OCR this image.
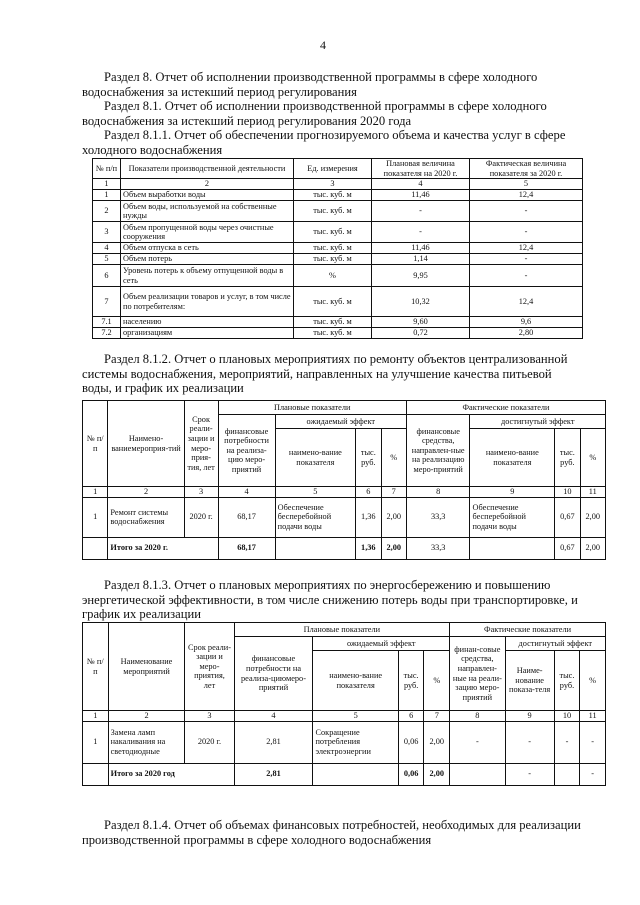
4

Раздел 8. Отчет об исполнении производственной программы в сфере холодного водоснабжения за истекший период регулирования

Раздел 8.1. Отчет об исполнении производственной программы в сфере холодного водоснабжения за истекший период регулирования 2020 года

Раздел 8.1.1. Отчет об обеспечении прогнозируемого объема и качества услуг в сфере холодного водоснабжения

№ п/п	Показатели производственной деятельности	Ед. измерения	Плановая величина показателя на 2020 г.	Фактическая величина показателя за 2020 г.
1	2	3	4	5
1	Объем выработки воды	тыс. куб. м	11,46	12,4
2	Объем воды, используемой на собственные нужды	тыс. куб. м	-	-
3	Объем пропущенной воды через очистные сооружения	тыс. куб. м	-	-
4	Объем отпуска в сеть	тыс. куб. м	11,46	12,4
5	Объем потерь	тыс. куб. м	1,14	-
6	Уровень потерь к объему отпущенной воды в сеть	%	9,95	-
7	Объем реализации товаров и услуг, в том числе по потребителям:	тыс. куб. м	10,32	12,4
7.1	населению	тыс. куб. м	9,60	9,6
7.2	организациям	тыс. куб. м	0,72	2,80

Раздел 8.1.2. Отчет о плановых мероприятиях по ремонту объектов централизованной системы водоснабжения, мероприятий, направленных на улучшение качества питьевой воды, и график их реализации

№ п/п	Наимено-ваниемероприя-тий	Срок реали-зации и меро-прия-тия, лет	Плановые показатели				Фактические показатели			
			финансовые потребности на реализа-цию меро-приятий	ожидаемый эффект			финансовые средства, направлен-ные на реализацию меро-приятий	достигнутый эффект		
				наимено-вание показателя	тыс. руб.	%		наимено-вание показателя	тыс. руб.	%
1	2	3	4	5	6	7	8	9	10	11
1	Ремонт системы водоснабжения	2020 г.	68,17	Обеспечение бесперебойной подачи воды	1,36	2,00	33,3	Обеспечение бесперебойной подачи воды	0,67	2,00
	Итого за 2020 г.		68,17		1,36	2,00	33,3		0,67	2,00

Раздел 8.1.3. Отчет о плановых мероприятиях по энергосбережению и повышению энергетической эффективности, в том числе снижению потерь воды при транспортировке, и график их реализации

№ п/п	Наименование мероприятий	Срок реали-зации и меро-приятия, лет	Плановые показатели				Фактические показатели			
			финансовые потребности на реализа-циюмеро-приятий	ожидаемый эффект			финан-совые средства, направлен-ные на реали-зацию меро-приятий	достигнутый эффект		
				наимено-вание показателя	тыс. руб.	%		Наиме-нование показа-теля	тыс. руб.	%
1	2	3	4	5	6	7	8	9	10	11
1	Замена ламп накаливания на светодиодные	2020 г.	2,81	Сокращение потребления электроэнергии	0,06	2,00	-	-	-	-
	Итого за 2020 год		2,81		0,06	2,00		-		-

Раздел 8.1.4. Отчет об объемах финансовых потребностей, необходимых для реализации производственной программы в сфере холодного водоснабжения
